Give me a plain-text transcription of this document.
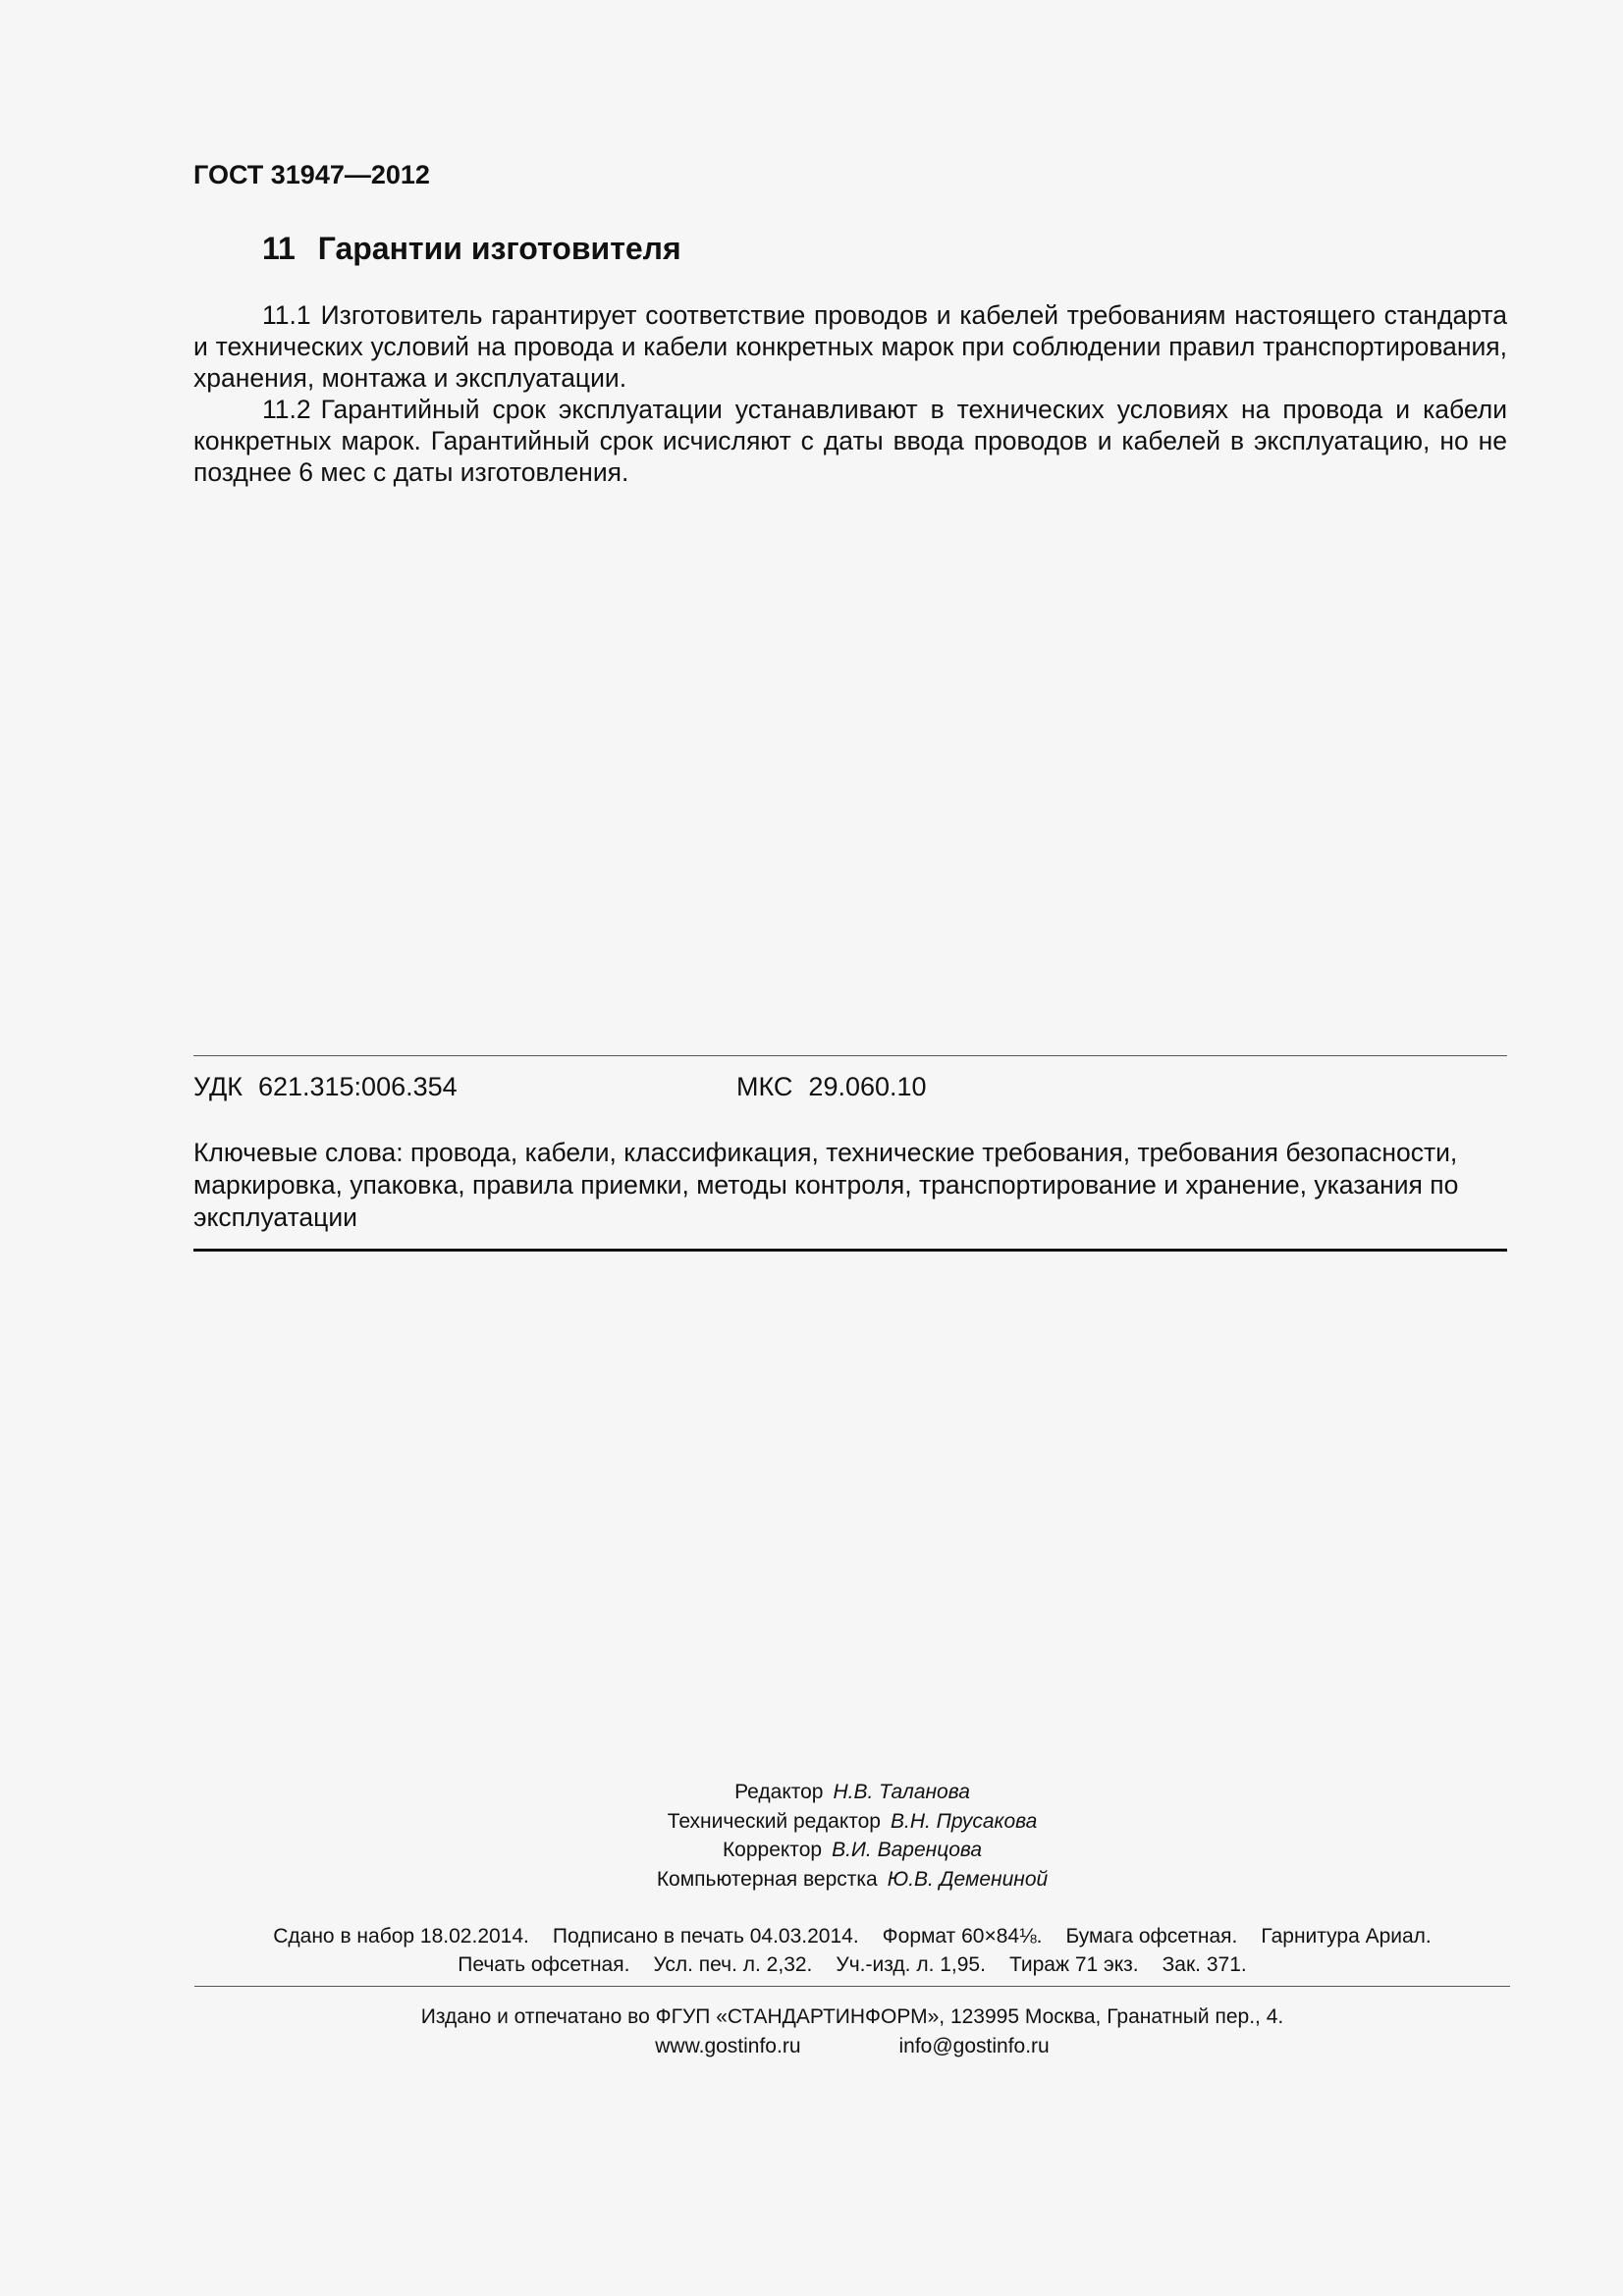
ГОСТ 31947—2012
11 Гарантии изготовителя
11.1 Изготовитель гарантирует соответствие проводов и кабелей требованиям настоящего стандарта и технических условий на провода и кабели конкретных марок при соблюдении правил транспортирования, хранения, монтажа и эксплуатации.
11.2 Гарантийный срок эксплуатации устанавливают в технических условиях на провода и кабели конкретных марок. Гарантийный срок исчисляют с даты ввода проводов и кабелей в эксплуатацию, но не позднее 6 мес с даты изготовления.
УДК 621.315:006.354	МКС 29.060.10
Ключевые слова: провода, кабели, классификация, технические требования, требования безопасности, маркировка, упаковка, правила приемки, методы контроля, транспортирование и хранение, указания по эксплуатации
Редактор Н.В. Таланова
Технический редактор В.Н. Прусакова
Корректор В.И. Варенцова
Компьютерная верстка Ю.В. Демениной
Сдано в набор 18.02.2014. Подписано в печать 04.03.2014. Формат 60×84⅛. Бумага офсетная. Гарнитура Ариал.
Печать офсетная. Усл. печ. л. 2,32. Уч.-изд. л. 1,95. Тираж 71 экз. Зак. 371.
Издано и отпечатано во ФГУП «СТАНДАРТИНФОРМ», 123995 Москва, Гранатный пер., 4.
www.gostinfo.ru	info@gostinfo.ru
